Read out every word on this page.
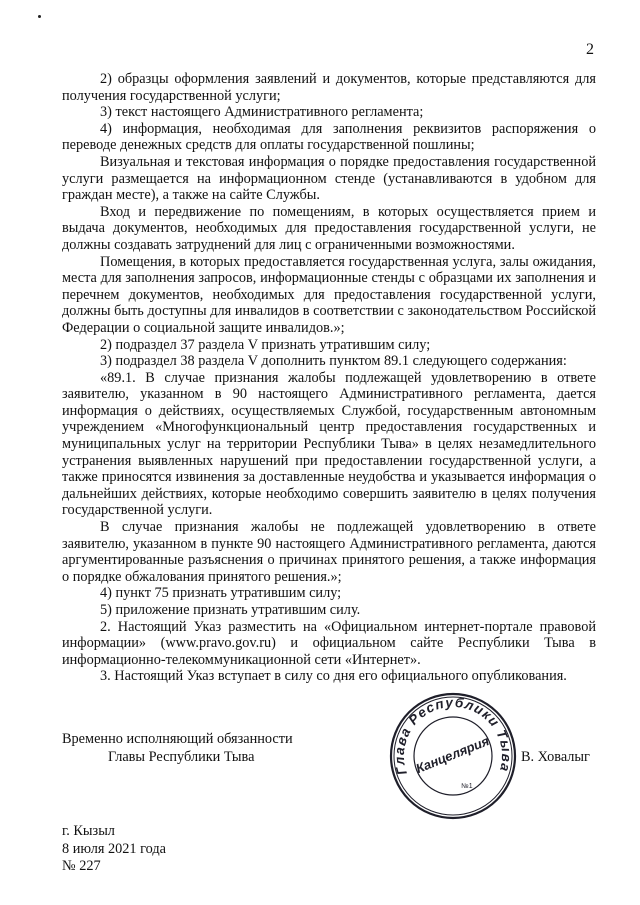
2

2) образцы оформления заявлений и документов, которые представляются для получения государственной услуги;

3) текст настоящего Административного регламента;

4) информация, необходимая для заполнения реквизитов распоряжения о переводе денежных средств для оплаты государственной пошлины;

Визуальная и текстовая информация о порядке предоставления государственной услуги размещается на информационном стенде (устанавливаются в удобном для граждан месте), а также на сайте Службы.

Вход и передвижение по помещениям, в которых осуществляется прием и выдача документов, необходимых для предоставления государственной услуги, не должны создавать затруднений для лиц с ограниченными возможностями.

Помещения, в которых предоставляется государственная услуга, залы ожидания, места для заполнения запросов, информационные стенды с образцами их заполнения и перечнем документов, необходимых для предоставления государственной услуги, должны быть доступны для инвалидов в соответствии с законодательством Российской Федерации о социальной защите инвалидов.»;

2) подраздел 37 раздела V признать утратившим силу;

3) подраздел 38 раздела V дополнить пунктом 89.1 следующего содержания:

«89.1. В случае признания жалобы подлежащей удовлетворению в ответе заявителю, указанном в 90 настоящего Административного регламента, дается информация о действиях, осуществляемых Службой, государственным автономным учреждением «Многофункциональный центр предоставления государственных и муниципальных услуг на территории Республики Тыва» в целях незамедлительного устранения выявленных нарушений при предоставлении государственной услуги, а также приносятся извинения за доставленные неудобства и указывается информация о дальнейших действиях, которые необходимо совершить заявителю в целях получения государственной услуги.

В случае признания жалобы не подлежащей удовлетворению в ответе заявителю, указанном в пункте 90 настоящего Административного регламента, даются аргументированные разъяснения о причинах принятого решения, а также информация о порядке обжалования принятого решения.»;

4) пункт 75 признать утратившим силу;

5) приложение признать утратившим силу.

2. Настоящий Указ разместить на «Официальном интернет-портале правовой информации» (www.pravo.gov.ru) и официальном сайте Республики Тыва в информационно-телекоммуникационной сети «Интернет».

3. Настоящий Указ вступает в силу со дня его официального опубликования.

Временно исполняющий обязанности
Главы Республики Тыва
Глава Республики Тыва
Канцелярия
№1
В. Ховалыг
г. Кызыл
8 июля 2021 года
№ 227
